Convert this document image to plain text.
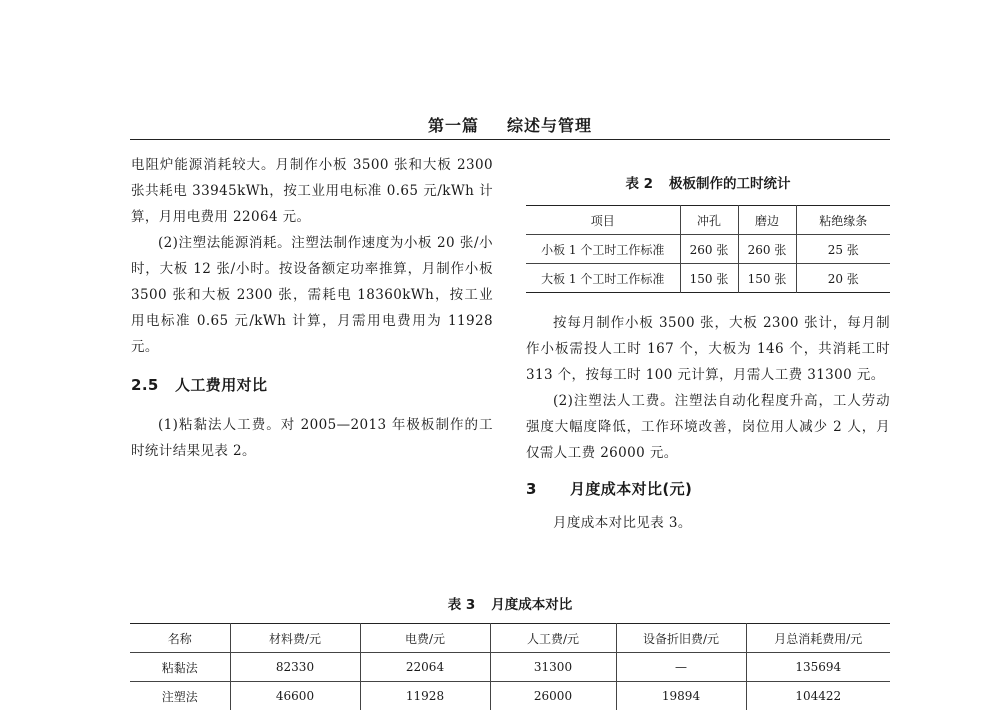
第一篇 综述与管理

电阻炉能源消耗较大。月制作小板 3500 张和大板 2300 张共耗电 33945kWh，按工业用电标准 0.65 元/kWh 计算，月用电费用 22064 元。

(2)注塑法能源消耗。注塑法制作速度为小板 20 张/小时，大板 12 张/小时。按设备额定功率推算，月制作小板 3500 张和大板 2300 张，需耗电 18360kWh，按工业用电标准 0.65 元/kWh 计算，月需用电费用为 11928 元。

2.5 人工费用对比

(1)粘黏法人工费。对 2005—2013 年极板制作的工时统计结果见表 2。

表 2 极板制作的工时统计
项目	冲孔	磨边	粘绝缘条
小板 1 个工时工作标准	260 张	260 张	25 张
大板 1 个工时工作标准	150 张	150 张	20 张

按每月制作小板 3500 张，大板 2300 张计，每月制作小板需投人工时 167 个，大板为 146 个，共消耗工时 313 个，按每工时 100 元计算，月需人工费 31300 元。

(2)注塑法人工费。注塑法自动化程度升高，工人劳动强度大幅度降低，工作环境改善，岗位用人减少 2 人，月仅需人工费 26000 元。

3 月度成本对比(元)

月度成本对比见表 3。

表 3 月度成本对比
名称	材料费/元	电费/元	人工费/元	设备折旧费/元	月总消耗费用/元
粘黏法	82330	22064	31300	—	135694
注塑法	46600	11928	26000	19894	104422
